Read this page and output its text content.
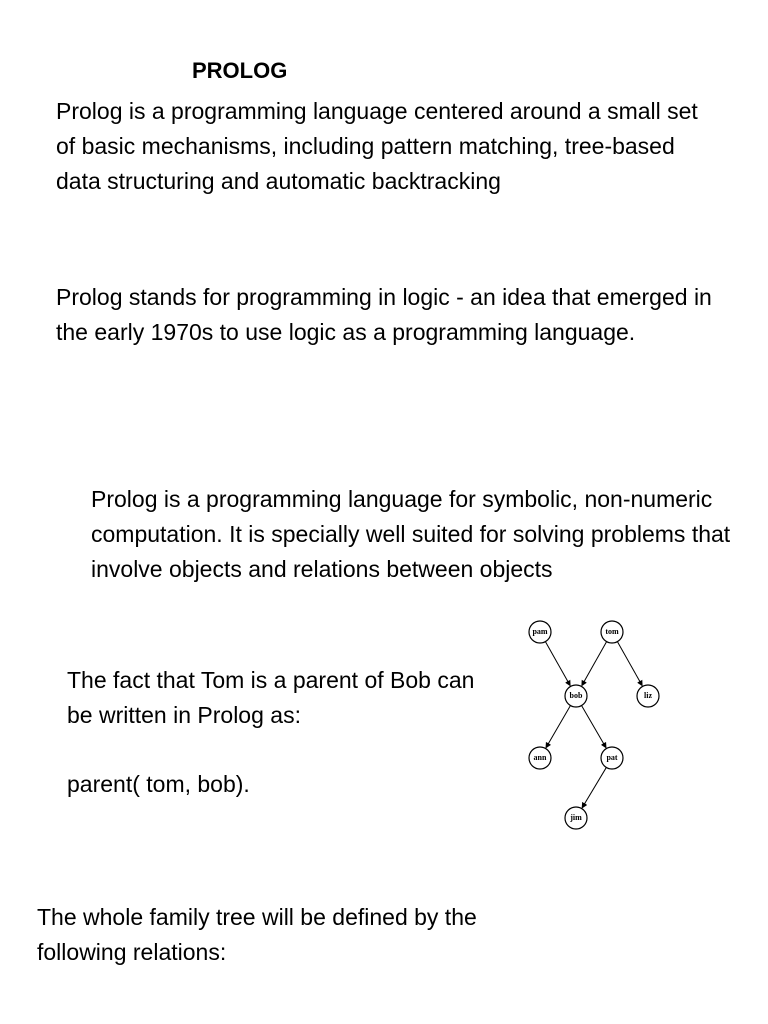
PROLOG

Prolog is a programming language centered around a small set of basic mechanisms, including pattern matching, tree-based data structuring and automatic backtracking

Prolog stands for programming in logic - an idea that emerged in the early 1970s to use logic as a programming language.

Prolog is a programming language for symbolic, non-numeric computation. It is specially well suited for solving problems that involve objects and relations between objects

The fact that Tom is a parent of Bob can be written in Prolog as:

parent( tom, bob).

The whole family tree will be defined by the following relations:

pam	tom
bob	liz
ann	pat
jim
